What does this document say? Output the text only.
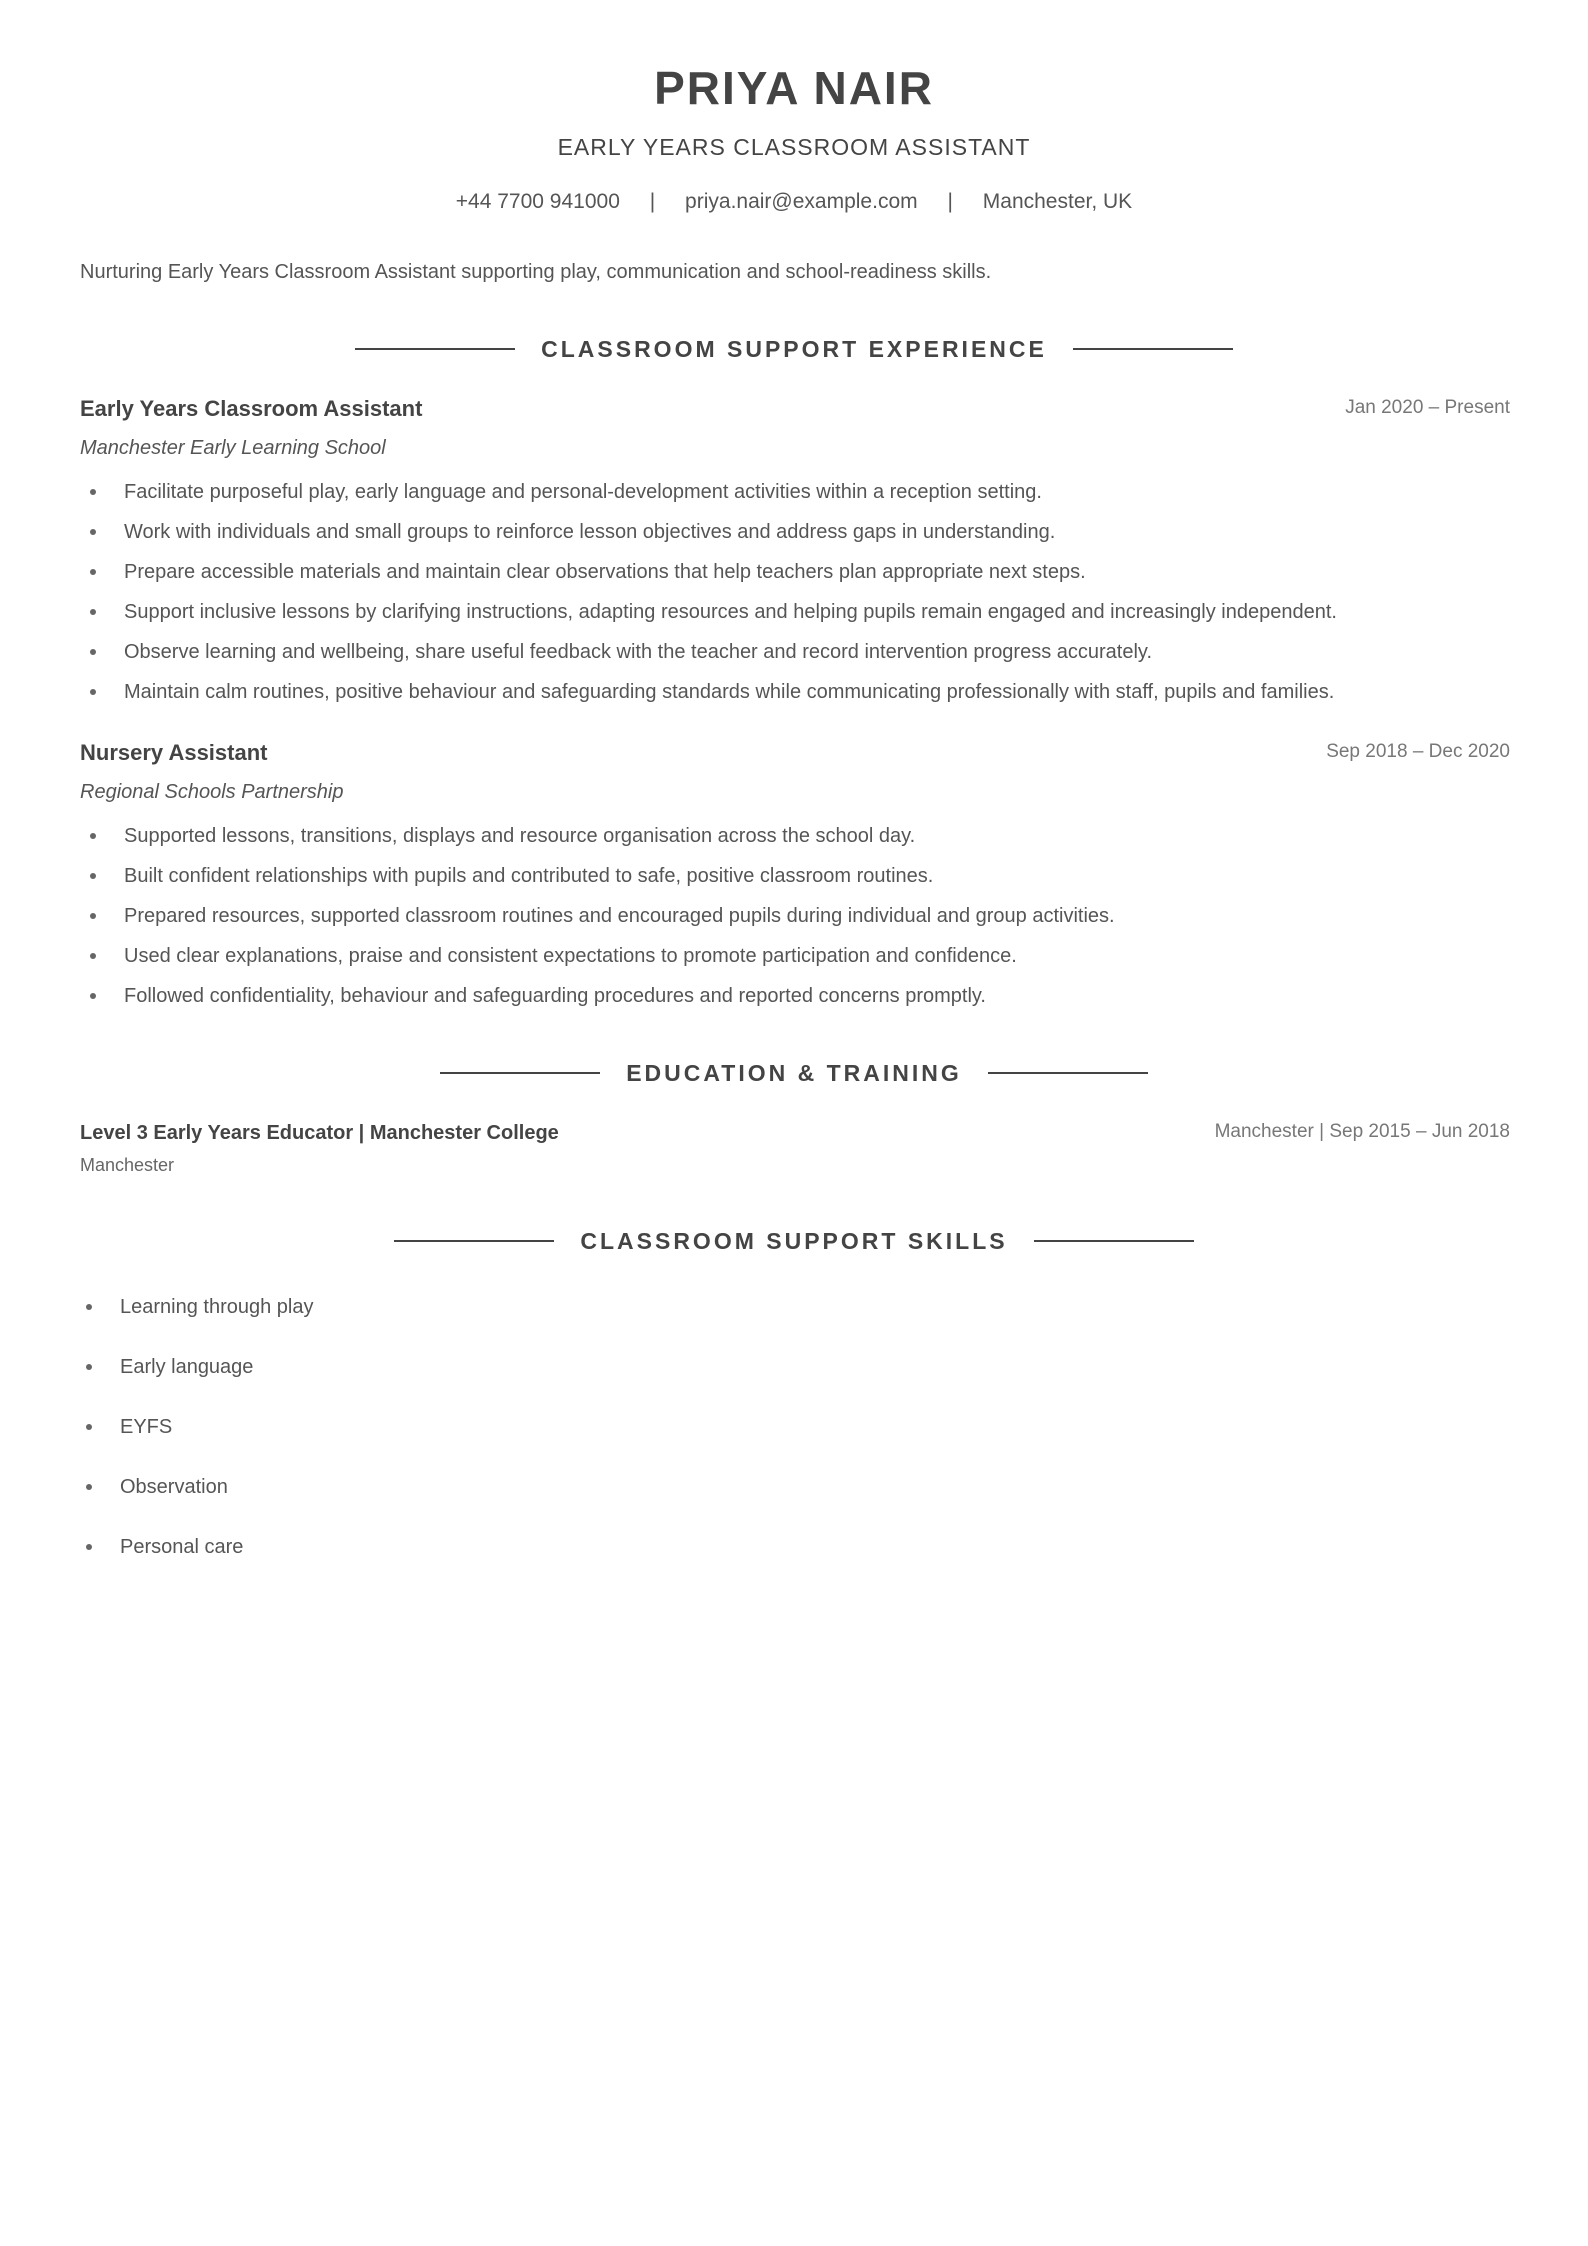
PRIYA NAIR
EARLY YEARS CLASSROOM ASSISTANT
+44 7700 941000 | priya.nair@example.com | Manchester, UK
Nurturing Early Years Classroom Assistant supporting play, communication and school-readiness skills.
CLASSROOM SUPPORT EXPERIENCE
Early Years Classroom Assistant	Jan 2020 – Present
Manchester Early Learning School
Facilitate purposeful play, early language and personal-development activities within a reception setting.
Work with individuals and small groups to reinforce lesson objectives and address gaps in understanding.
Prepare accessible materials and maintain clear observations that help teachers plan appropriate next steps.
Support inclusive lessons by clarifying instructions, adapting resources and helping pupils remain engaged and increasingly independent.
Observe learning and wellbeing, share useful feedback with the teacher and record intervention progress accurately.
Maintain calm routines, positive behaviour and safeguarding standards while communicating professionally with staff, pupils and families.
Nursery Assistant	Sep 2018 – Dec 2020
Regional Schools Partnership
Supported lessons, transitions, displays and resource organisation across the school day.
Built confident relationships with pupils and contributed to safe, positive classroom routines.
Prepared resources, supported classroom routines and encouraged pupils during individual and group activities.
Used clear explanations, praise and consistent expectations to promote participation and confidence.
Followed confidentiality, behaviour and safeguarding procedures and reported concerns promptly.
EDUCATION & TRAINING
Level 3 Early Years Educator | Manchester College	Manchester | Sep 2015 – Jun 2018
Manchester
CLASSROOM SUPPORT SKILLS
Learning through play
Early language
EYFS
Observation
Personal care
